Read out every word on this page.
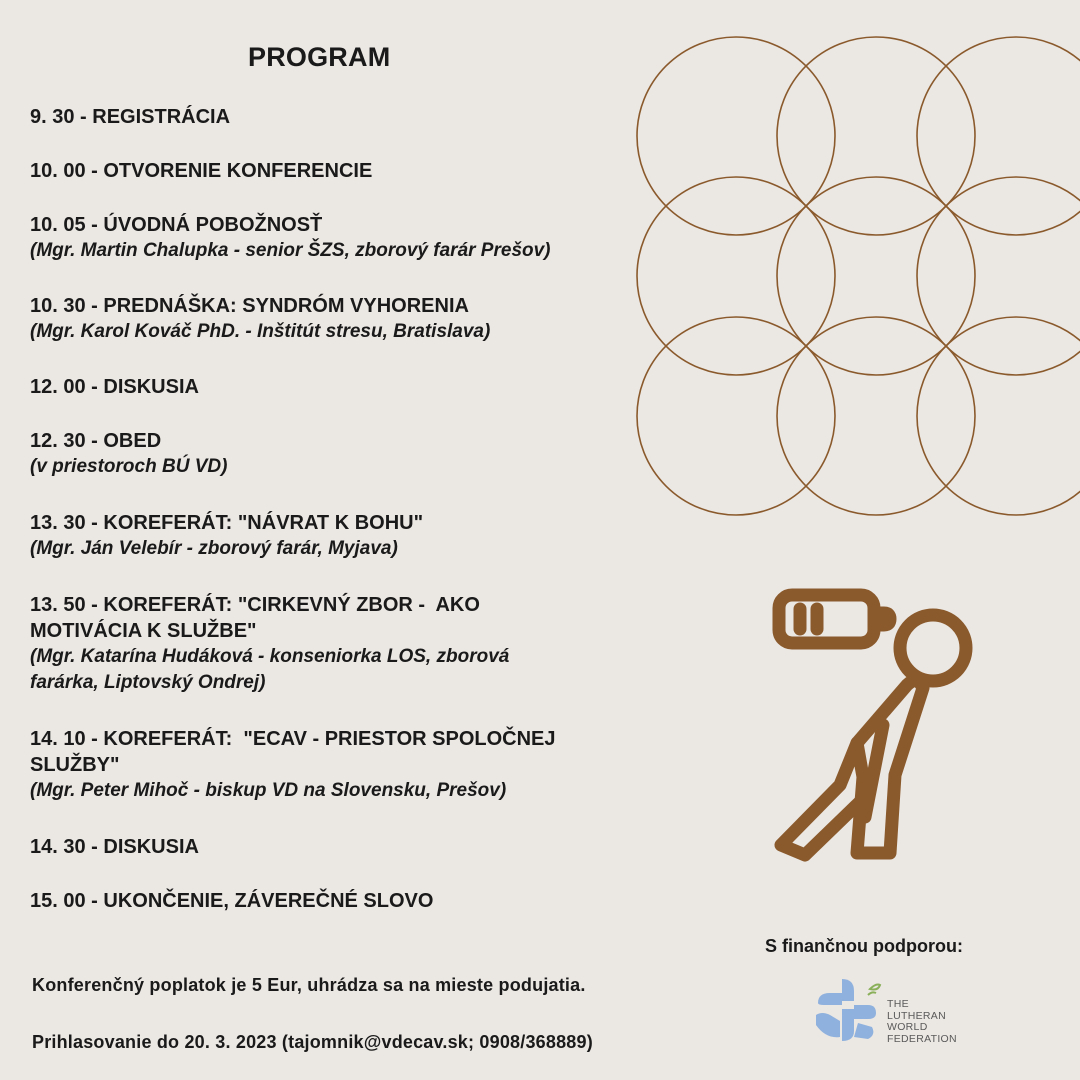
PROGRAM
9. 30 - REGISTRÁCIA
10. 00 - OTVORENIE KONFERENCIE
10. 05 - ÚVODNÁ POBOŽNOSŤ
(Mgr. Martin Chalupka - senior ŠZS, zborový farár Prešov)
10. 30 - PREDNÁŠKA: SYNDRÓM VYHORENIA
(Mgr. Karol Kováč PhD. - Inštitút stresu, Bratislava)
12. 00 - DISKUSIA
12. 30 - OBED
(v priestoroch BÚ VD)
13. 30 - KOREFERÁT: "NÁVRAT K BOHU"
(Mgr. Ján Velebír - zborový farár, Myjava)
13. 50 - KOREFERÁT: "CIRKEVNÝ ZBOR -  AKO
MOTIVÁCIA K SLUŽBE"
(Mgr. Katarína Hudáková - konseniorka LOS, zborová
farárka, Liptovský Ondrej)
14. 10 - KOREFERÁT:  "ECAV - PRIESTOR SPOLOČNEJ
SLUŽBY"
(Mgr. Peter Mihoč - biskup VD na Slovensku, Prešov)
14. 30 - DISKUSIA
15. 00 - UKONČENIE, ZÁVEREČNÉ SLOVO
Konferenčný poplatok je 5 Eur, uhrádza sa na mieste podujatia.
Prihlasovanie do 20. 3. 2023 (tajomnik@vdecav.sk; 0908/368889)
S finančnou podporou:
THE
LUTHERAN
WORLD
FEDERATION
